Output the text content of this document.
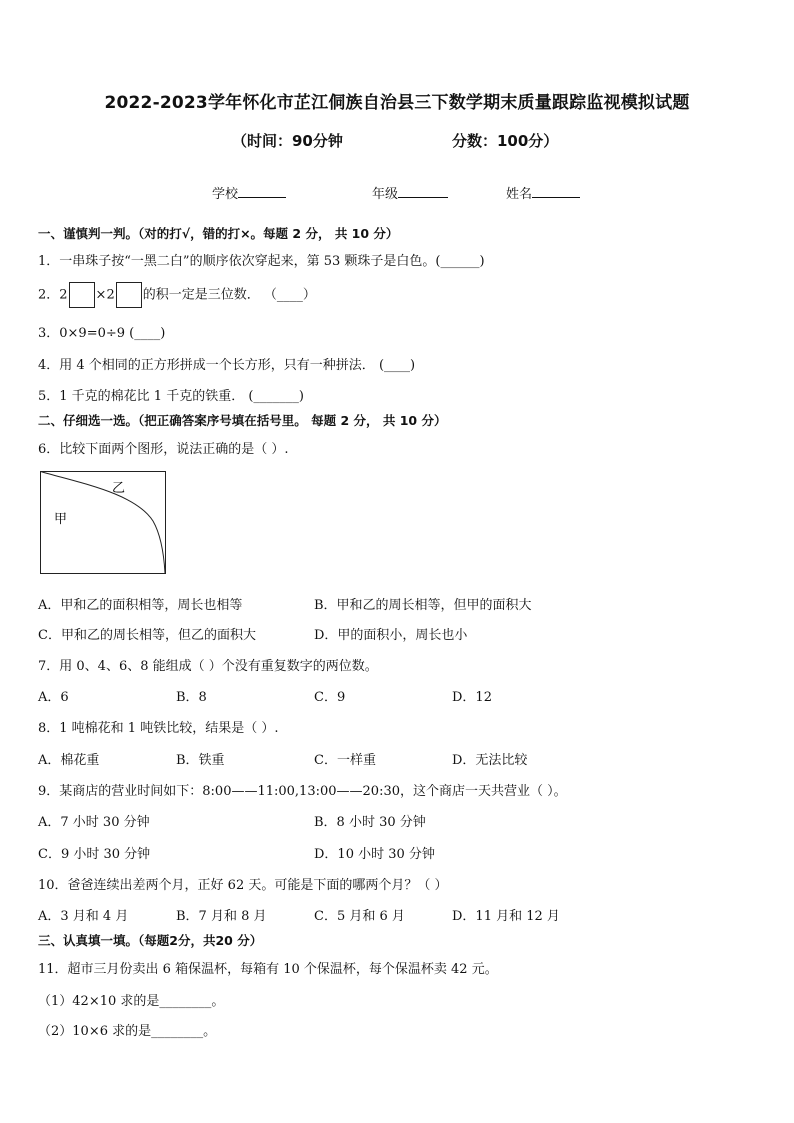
2022-2023学年怀化市芷江侗族自治县三下数学期末质量跟踪监视模拟试题
（时间：90分钟	分数：100分）
学校	年级	姓名
一、谨慎判一判。（对的打√，错的打×。每题 2 分， 共 10 分）
1．一串珠子按“一黑二白”的顺序依次穿起来，第 53 颗珠子是白色。(______)
2．2 ×2 的积一定是三位数． （____）
3．0×9=0÷9 (____)
4．用 4 个相同的正方形拼成一个长方形，只有一种拼法． (____)
5．1 千克的棉花比 1 千克的铁重． (_______)
二、仔细选一选。（把正确答案序号填在括号里。 每题 2 分， 共 10 分）
6．比较下面两个图形，说法正确的是（ ）.
甲
乙
A．甲和乙的面积相等，周长也相等	B．甲和乙的周长相等，但甲的面积大
C．甲和乙的周长相等，但乙的面积大	D．甲的面积小，周长也小
7．用 0、4、6、8 能组成（ ）个没有重复数字的两位数。
A．6	B．8	C．9	D．12
8．1 吨棉花和 1 吨铁比较，结果是（ ）.
A．棉花重	B．铁重	C．一样重	D．无法比较
9．某商店的营业时间如下：8:00——11:00,13:00——20:30，这个商店一天共营业（ ）。
A．7 小时 30 分钟	B．8 小时 30 分钟
C．9 小时 30 分钟	D．10 小时 30 分钟
10．爸爸连续出差两个月，正好 62 天。可能是下面的哪两个月？（ ）
A．3 月和 4 月	B．7 月和 8 月	C．5 月和 6 月	D．11 月和 12 月
三、认真填一填。（每题2分，共20 分）
11．超市三月份卖出 6 箱保温杯，每箱有 10 个保温杯，每个保温杯卖 42 元。
（1）42×10 求的是________。
（2）10×6 求的是________。
